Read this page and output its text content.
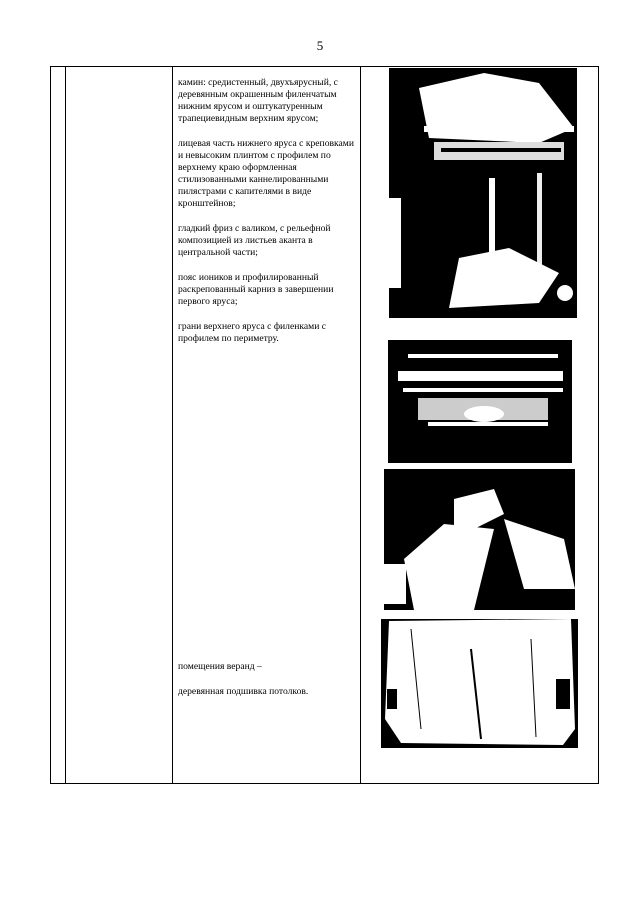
5

камин: средистенный, двухъярусный, с деревянным окрашенным филенчатым нижним ярусом и оштукатуренным трапециевидным верхним ярусом;

лицевая часть нижнего яруса с креповками и невысоким плинтом с профилем по верхнему краю оформленная стилизованными каннелированными пилястрами с капителями в виде кронштейнов;

гладкий фриз с валиком, с рельефной композицией из листьев аканта в центральной части;

пояс иоников и профилированный раскрепованный карниз в завершении первого яруса;

грани верхнего яруса с филенками с профилем по периметру.

помещения веранд –

деревянная подшивка потолков.
